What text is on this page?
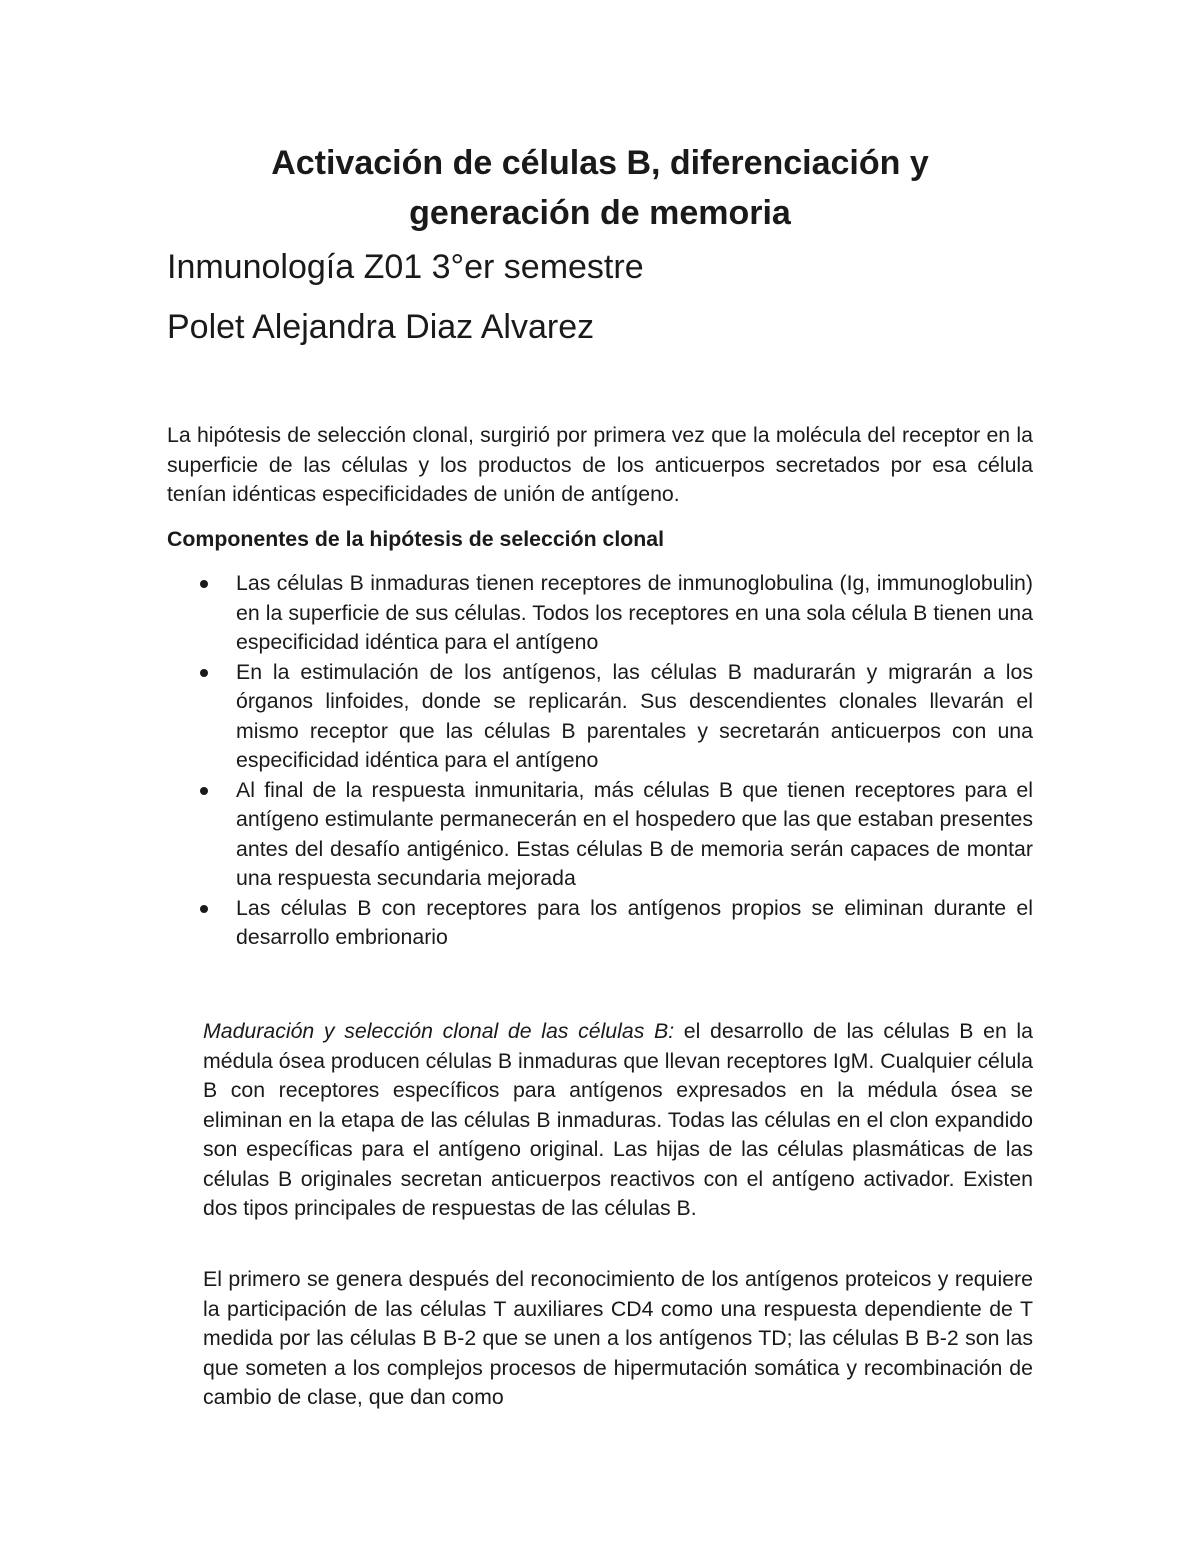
Activación de células B, diferenciación y
generación de memoria

Inmunología Z01 3°er semestre

Polet Alejandra Diaz Alvarez

La hipótesis de selección clonal, surgirió por primera vez que la molécula del receptor en la superficie de las células y los productos de los anticuerpos secretados por esa célula tenían idénticas especificidades de unión de antígeno.

Componentes de la hipótesis de selección clonal

Las células B inmaduras tienen receptores de inmunoglobulina (Ig, immunoglobulin) en la superficie de sus células. Todos los receptores en una sola célula B tienen una especificidad idéntica para el antígeno
En la estimulación de los antígenos, las células B madurarán y migrarán a los órganos linfoides, donde se replicarán. Sus descendientes clonales llevarán el mismo receptor que las células B parentales y secretarán anticuerpos con una especificidad idéntica para el antígeno
Al final de la respuesta inmunitaria, más células B que tienen receptores para el antígeno estimulante permanecerán en el hospedero que las que estaban presentes antes del desafío antigénico. Estas células B de memoria serán capaces de montar una respuesta secundaria mejorada
Las células B con receptores para los antígenos propios se eliminan durante el desarrollo embrionario

Maduración y selección clonal de las células B: el desarrollo de las células B en la médula ósea producen células B inmaduras que llevan receptores IgM. Cualquier célula B con receptores específicos para antígenos expresados en la médula ósea se eliminan en la etapa de las células B inmaduras. Todas las células en el clon expandido son específicas para el antígeno original. Las hijas de las células plasmáticas de las células B originales secretan anticuerpos reactivos con el antígeno activador. Existen dos tipos principales de respuestas de las células B.

El primero se genera después del reconocimiento de los antígenos proteicos y requiere la participación de las células T auxiliares CD4 como una respuesta dependiente de T medida por las células B B-2 que se unen a los antígenos TD; las células B B-2 son las que someten a los complejos procesos de hipermutación somática y recombinación de cambio de clase, que dan como
